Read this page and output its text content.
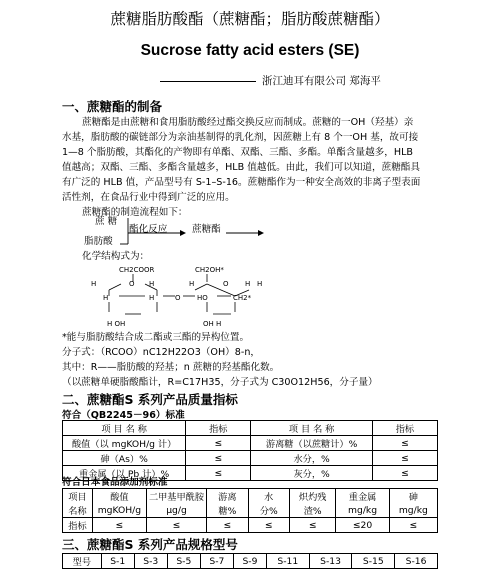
蔗糖脂肪酸酯（蔗糖酯；脂肪酸蔗糖酯）
Sucrose fatty acid esters (SE)
浙江迪耳有限公司 郑海平
一、蔗糖酯的制备
蔗糖酯是由蔗糖和食用脂肪酸经过酯交换反应而制成。蔗糖的一OH（羟基）亲
水基，脂肪酸的碳链部分为亲油基制得的乳化剂，因蔗糖上有 8 个一OH 基，故可接
1—8 个脂肪酸，其酯化的产物即有单酯、双酯、三酯、多酯。单酯含量越多，HLB
值越高；双酯、三酯、多酯含量越多，HLB 值越低。由此，我们可以知道，蔗糖酯具
有广泛的 HLB 值，产品型号有 S-1–S-16。蔗糖酯作为一种安全高效的非离子型表面
活性剂，在食品行业中得到广泛的应用。
蔗糖酯的制造流程如下：
蔗 糖
脂肪酸
酯化反应	蔗糖酯
化学结构式为：
CH2COOR	CH2OH*
H	O H
H	O
H
H
HO	CH2*
O
H
H
H OH	OH H
*能与脂肪酸结合成二酯或三酯的异构位置。
分子式：（RCOO）nC12H22O3（OH）8-n，
其中：R——脂肪酸的羟基；n 蔗糖的羟基酯化数。
（以蔗糖单硬脂酸酯计，R=C17H35，分子式为 C30O12H56，分子量）
二、蔗糖酯S 系列产品质量指标
符合（QB2245－96）标准
项 目 名 称	指标	项 目 名 称	指标
酸值（以 mgKOH/g 计）	≤	游离糖（以蔗糖计）%	≤
砷（As）%	≤	水分，%	≤
重金属（以 Pb 计）%	≤	灰分，%	≤
符合日本食品添加剂标准
项目	酸值	二甲基甲酰胺	游离	水	炽灼残	重金属	砷
名称	mgKOH/g	μg/g	糖%	分%	渣%	mg/kg	mg/kg
指标	≤	≤	≤	≤	≤	≤20	≤
三、蔗糖酯S 系列产品规格型号
型号	S-1	S-3	S-5	S-7	S-9	S-11	S-13	S-15	S-16
